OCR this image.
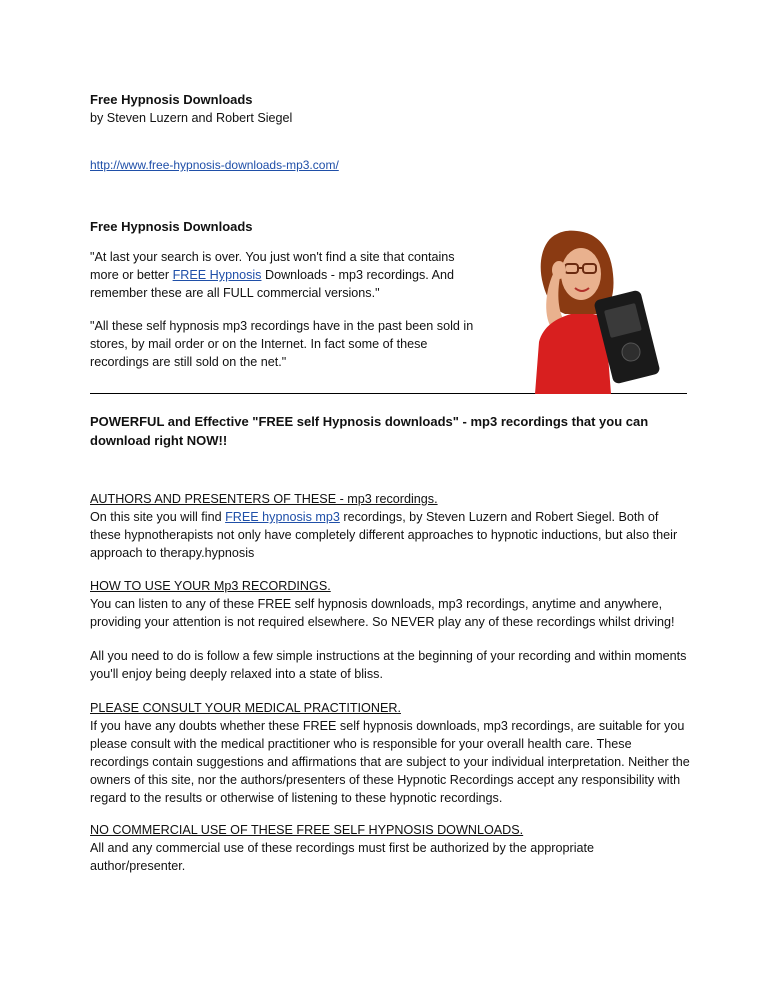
Free Hypnosis Downloads
by Steven Luzern and Robert Siegel
http://www.free-hypnosis-downloads-mp3.com/
Free Hypnosis Downloads
"At last your search is over. You just won't find a site that contains more or better FREE Hypnosis Downloads - mp3 recordings. And remember these are all FULL commercial versions."
"All these self hypnosis mp3 recordings have in the past been sold in stores, by mail order or on the Internet. In fact some of these recordings are still sold on the net."
POWERFUL and Effective "FREE self Hypnosis downloads" - mp3 recordings that you can download right NOW!!
AUTHORS AND PRESENTERS OF THESE - mp3 recordings.
On this site you will find FREE hypnosis mp3 recordings, by Steven Luzern and Robert Siegel. Both of these hypnotherapists not only have completely different approaches to hypnotic inductions, but also their approach to therapy.hypnosis
HOW TO USE YOUR Mp3 RECORDINGS.
You can listen to any of these FREE self hypnosis downloads, mp3 recordings, anytime and anywhere, providing your attention is not required elsewhere. So NEVER play any of these recordings whilst driving!
All you need to do is follow a few simple instructions at the beginning of your recording and within moments you'll enjoy being deeply relaxed into a state of bliss.
PLEASE CONSULT YOUR MEDICAL PRACTITIONER.
If you have any doubts whether these FREE self hypnosis downloads, mp3 recordings, are suitable for you please consult with the medical practitioner who is responsible for your overall health care. These recordings contain suggestions and affirmations that are subject to your individual interpretation. Neither the owners of this site, nor the authors/presenters of these Hypnotic Recordings accept any responsibility with regard to the results or otherwise of listening to these hypnotic recordings.
NO COMMERCIAL USE OF THESE FREE SELF HYPNOSIS DOWNLOADS.
All and any commercial use of these recordings must first be authorized by the appropriate author/presenter.
